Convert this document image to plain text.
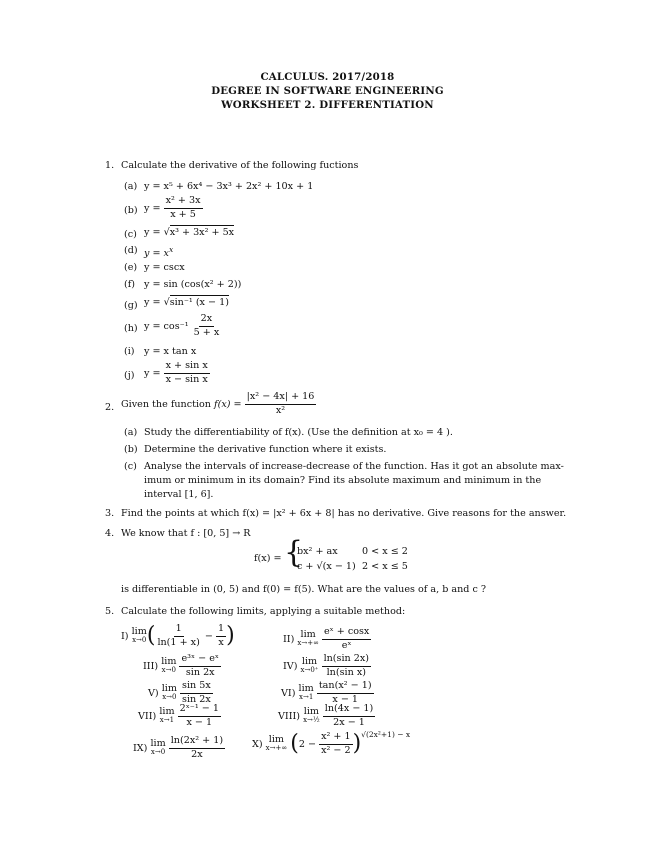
CALCULUS. 2017/2018
DEGREE IN SOFTWARE ENGINEERING
WORKSHEET 2. DIFFERENTIATION
1. Calculate the derivative of the following fuctions
(a) y = x⁵ + 6x⁴ − 3x³ + 2x² + 10x + 1
(b) y =
$\frac{\text{x² + 3x}}{x + 5}$
(c) y = √x³ + 3x² + 5x
(d) $y = x^x$
(e) y = cscx
(f) y = sin (cos(x² + 2))
(g) y = √sin⁻¹ (x − 1)
(h) y = cos⁻¹
$\frac{2x}{5 + x}$
(i) y = x tan x
(j) y =
$\frac{\text{x + sin x}}{\text{x − sin x}}$
2. Given the function
f(x) =
$\frac{\text{|x² − 4x| + 16}}{\text{x²}}$
(a) Study the differentiability of f(x). (Use the definition at x₀ = 4 ).
(b) Determine the derivative function where it exists.
(c) Analyse the intervals of increase-decrease of the function. Has it got an absolute max-
imum or minimum in its domain? Find its absolute maximum and minimum in the
interval [1, 6].
3. Find the points at which f(x) = |x² + 6x + 8| has no derivative. Give reasons for the answer.
4. We know that f : [0, 5] → R
f(x) = {
bx² + ax	0 < x ≤ 2
c + √(x − 1) 2 < x ≤ 5
is differentiable in (0, 5) and f(0) = f(5). What are the values of a, b and c ?
5. Calculate the following limits, applying a suitable method:
I)
lim
x→0 ( $\frac{1}{\ln(1 + x)} - \frac{1}{x}$ )	II)
lim
x→+∞
$\frac{\text{eˣ + cosx}}{\text{eˣ}}$
III)
lim
x→0
$\frac{\text{e³ˣ − eˣ}}{\sin 2x}$	IV)
lim
x→0⁺
$\frac{\ln(\sin 2x)}{\text{ln(sin x)}}$
V)
lim
x→0
$\frac{\sin 5x}{\sin 2x}$	VI)
lim
x→1
$\frac{\text{tan(x² − 1)}}{x - 1}$
VII)
lim
x→1
$\frac{\text{2ˣ⁻¹ − 1}}{x - 1}$	VIII)
lim
x→½
$\frac{\ln(4x - 1)}{2x - 1}$
IX)
lim
x→0
$\frac{\text{ln(2x² + 1)}}{2x}$	X)
lim
x→+∞
( 2 −
$\frac{\text{x² + 1}}{\text{x² − 2}}$ ) √(2x²+1) − x
